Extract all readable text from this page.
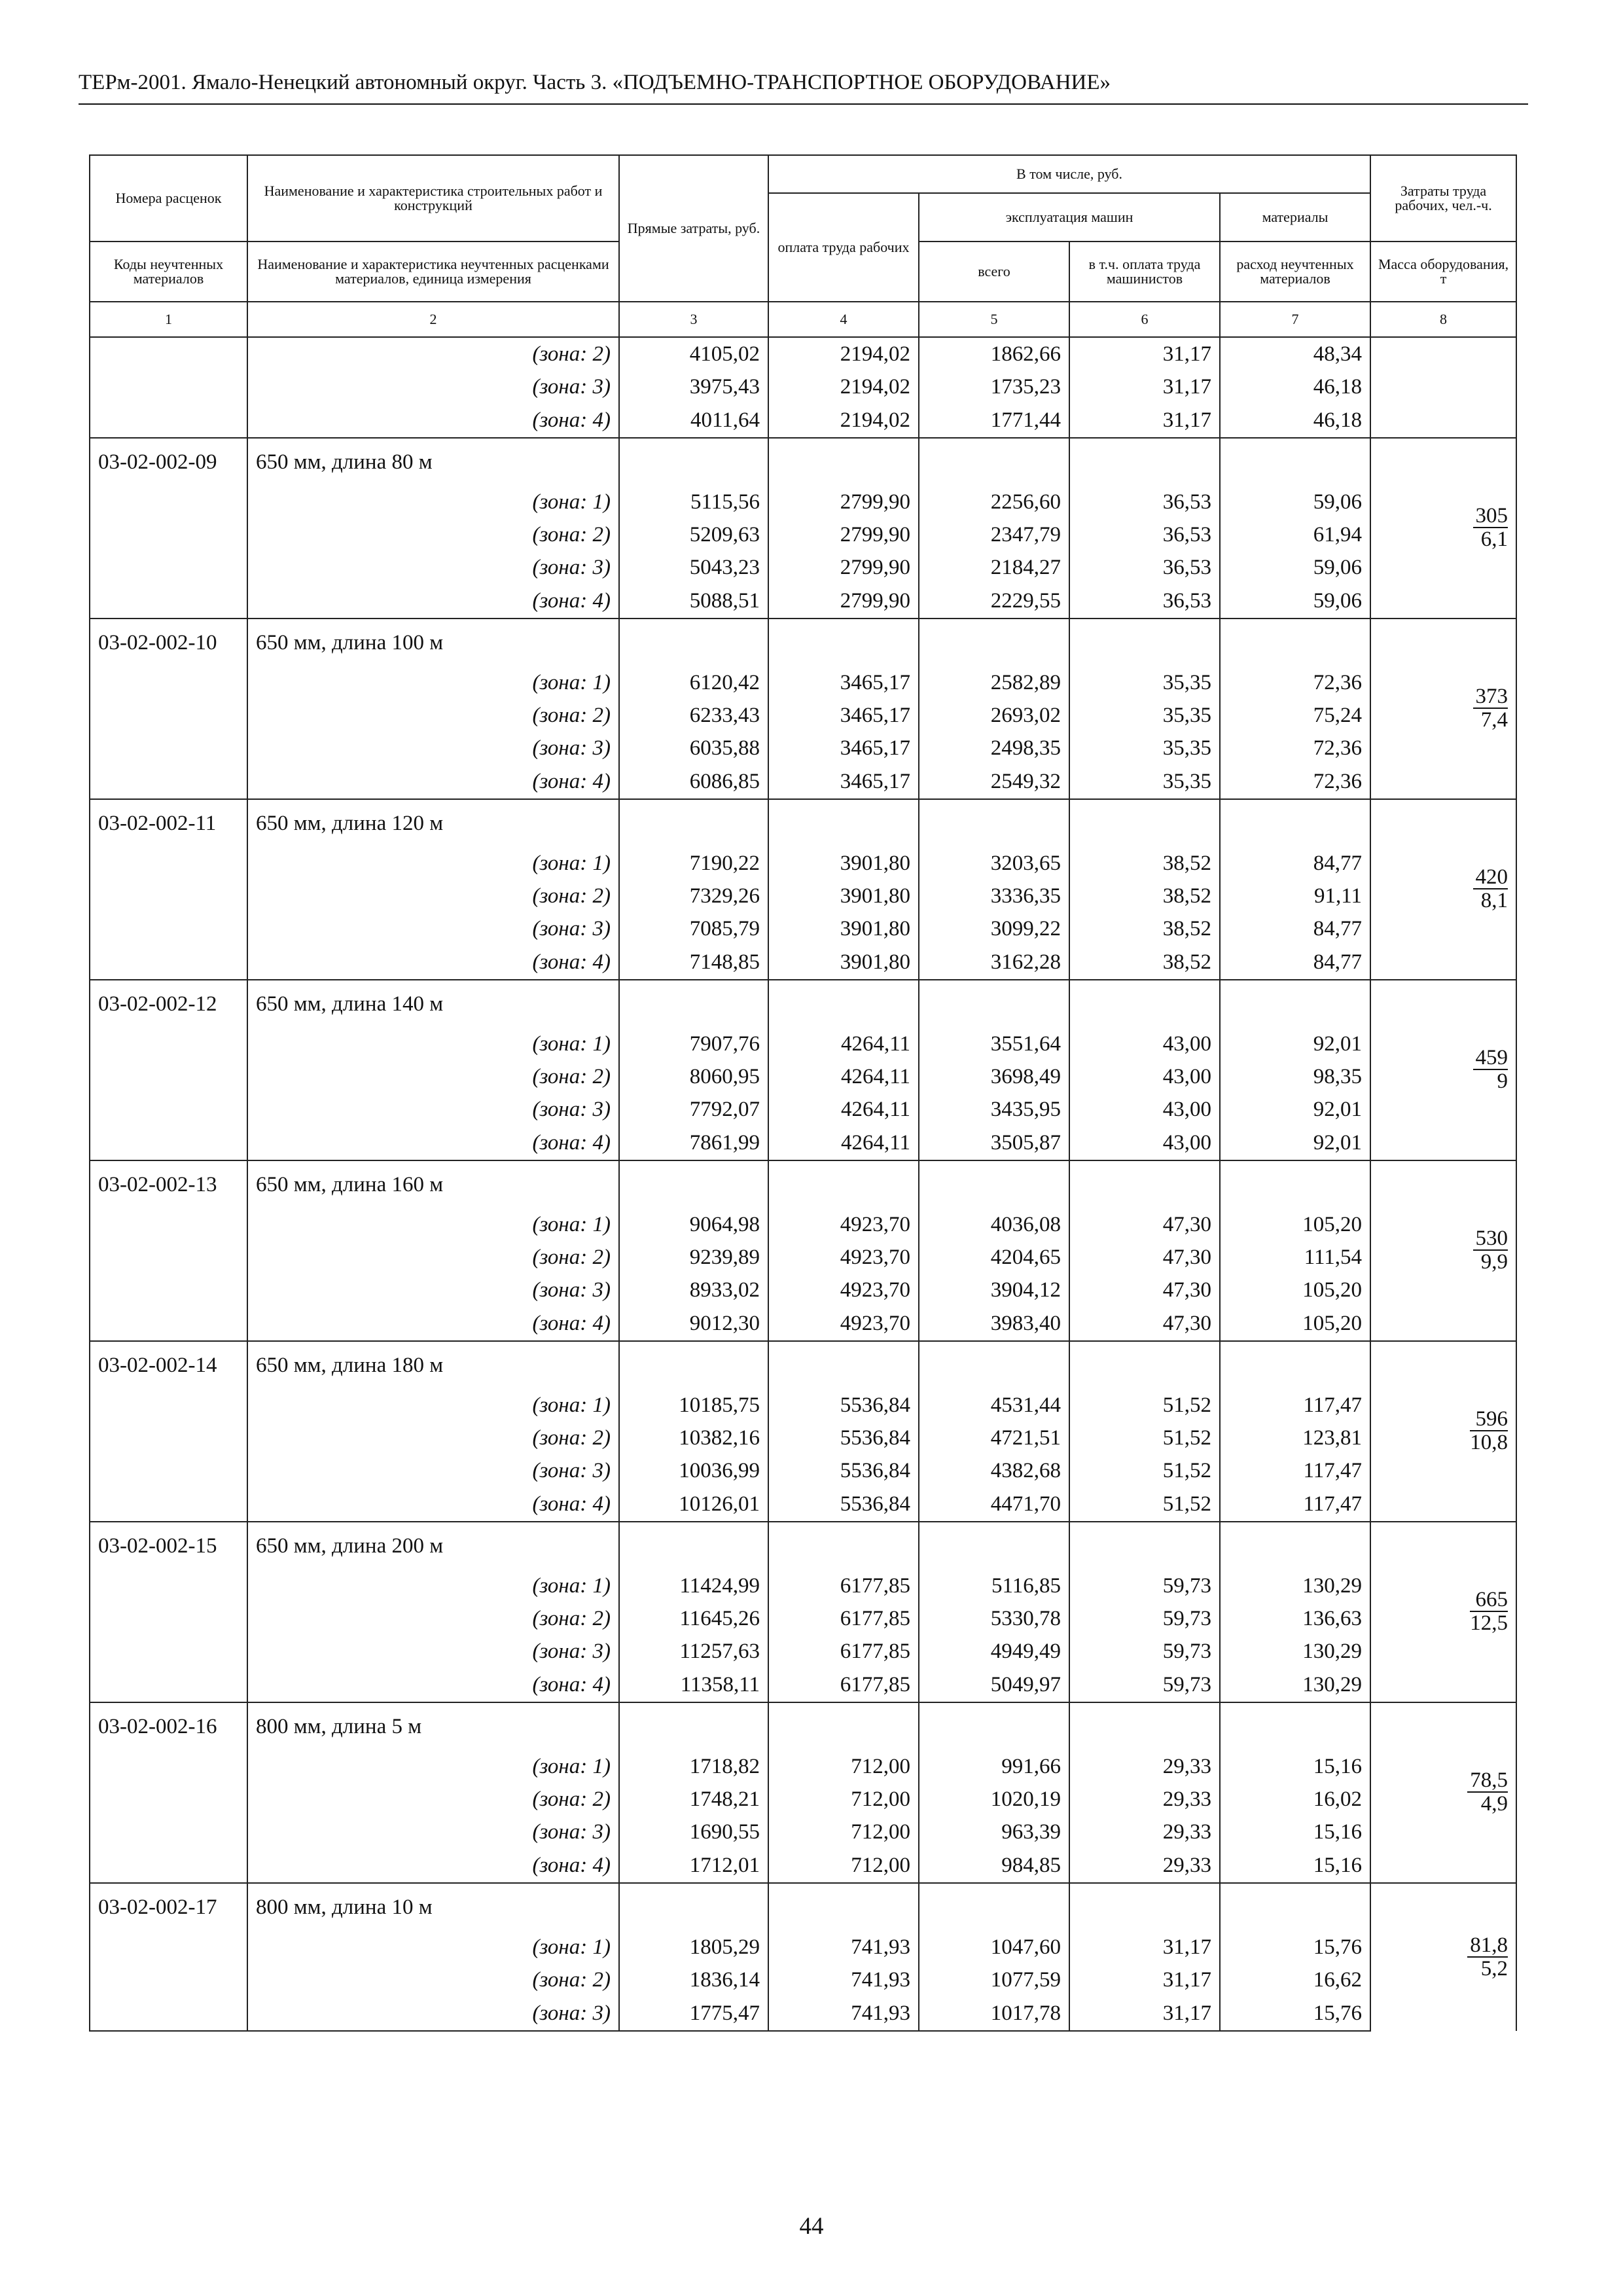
ТЕРм-2001. Ямало-Ненецкий автономный округ. Часть 3. «ПОДЪЕМНО-ТРАНСПОРТНОЕ ОБОРУДОВАНИЕ»
Номера расценок	Наименование и характеристика строительных работ и конструкций	Прямые затраты, руб.	В том числе, руб.				Затраты труда рабочих, чел.-ч.
			оплата труда рабочих	эксплуатация машин		материалы	
Коды неучтенных материалов	Наименование и характеристика неучтенных расценками материалов, единица измерения			всего	в т.ч. оплата труда машинистов	расход неучтенных материалов	Масса оборудования, т
1	2	3	4	5	6	7	8
	(зона: 2)	4105,02	2194,02	1862,66	31,17	48,34	
	(зона: 3)	3975,43	2194,02	1735,23	31,17	46,18	
	(зона: 4)	4011,64	2194,02	1771,44	31,17	46,18	
03-02-002-09	650 мм, длина 80 м						$\frac{305}{6,1}$

	(зона: 1)	5115,56	2799,90	2256,60	36,53	59,06	
	(зона: 2)	5209,63	2799,90	2347,79	36,53	61,94	
	(зона: 3)	5043,23	2799,90	2184,27	36,53	59,06	
	(зона: 4)	5088,51	2799,90	2229,55	36,53	59,06	
03-02-002-10	650 мм, длина 100 м						$\frac{373}{7,4}$

	(зона: 1)	6120,42	3465,17	2582,89	35,35	72,36	
	(зона: 2)	6233,43	3465,17	2693,02	35,35	75,24	
	(зона: 3)	6035,88	3465,17	2498,35	35,35	72,36	
	(зона: 4)	6086,85	3465,17	2549,32	35,35	72,36	
03-02-002-11	650 мм, длина 120 м						$\frac{420}{8,1}$

	(зона: 1)	7190,22	3901,80	3203,65	38,52	84,77	
	(зона: 2)	7329,26	3901,80	3336,35	38,52	91,11	
	(зона: 3)	7085,79	3901,80	3099,22	38,52	84,77	
	(зона: 4)	7148,85	3901,80	3162,28	38,52	84,77	
03-02-002-12	650 мм, длина 140 м						$\frac{459}{9}$

	(зона: 1)	7907,76	4264,11	3551,64	43,00	92,01	
	(зона: 2)	8060,95	4264,11	3698,49	43,00	98,35	
	(зона: 3)	7792,07	4264,11	3435,95	43,00	92,01	
	(зона: 4)	7861,99	4264,11	3505,87	43,00	92,01	
03-02-002-13	650 мм, длина 160 м						$\frac{530}{9,9}$

	(зона: 1)	9064,98	4923,70	4036,08	47,30	105,20	
	(зона: 2)	9239,89	4923,70	4204,65	47,30	111,54	
	(зона: 3)	8933,02	4923,70	3904,12	47,30	105,20	
	(зона: 4)	9012,30	4923,70	3983,40	47,30	105,20	
03-02-002-14	650 мм, длина 180 м						$\frac{596}{10,8}$

	(зона: 1)	10185,75	5536,84	4531,44	51,52	117,47	
	(зона: 2)	10382,16	5536,84	4721,51	51,52	123,81	
	(зона: 3)	10036,99	5536,84	4382,68	51,52	117,47	
	(зона: 4)	10126,01	5536,84	4471,70	51,52	117,47	
03-02-002-15	650 мм, длина 200 м						$\frac{665}{12,5}$

	(зона: 1)	11424,99	6177,85	5116,85	59,73	130,29	
	(зона: 2)	11645,26	6177,85	5330,78	59,73	136,63	
	(зона: 3)	11257,63	6177,85	4949,49	59,73	130,29	
	(зона: 4)	11358,11	6177,85	5049,97	59,73	130,29	
03-02-002-16	800 мм, длина 5 м						$\frac{78,5}{4,9}$

	(зона: 1)	1718,82	712,00	991,66	29,33	15,16	
	(зона: 2)	1748,21	712,00	1020,19	29,33	16,02	
	(зона: 3)	1690,55	712,00	963,39	29,33	15,16	
	(зона: 4)	1712,01	712,00	984,85	29,33	15,16	
03-02-002-17	800 мм, длина 10 м						$\frac{81,8}{5,2}$

	(зона: 1)	1805,29	741,93	1047,60	31,17	15,76	
	(зона: 2)	1836,14	741,93	1077,59	31,17	16,62	
	(зона: 3)	1775,47	741,93	1017,78	31,17	15,76	
44
